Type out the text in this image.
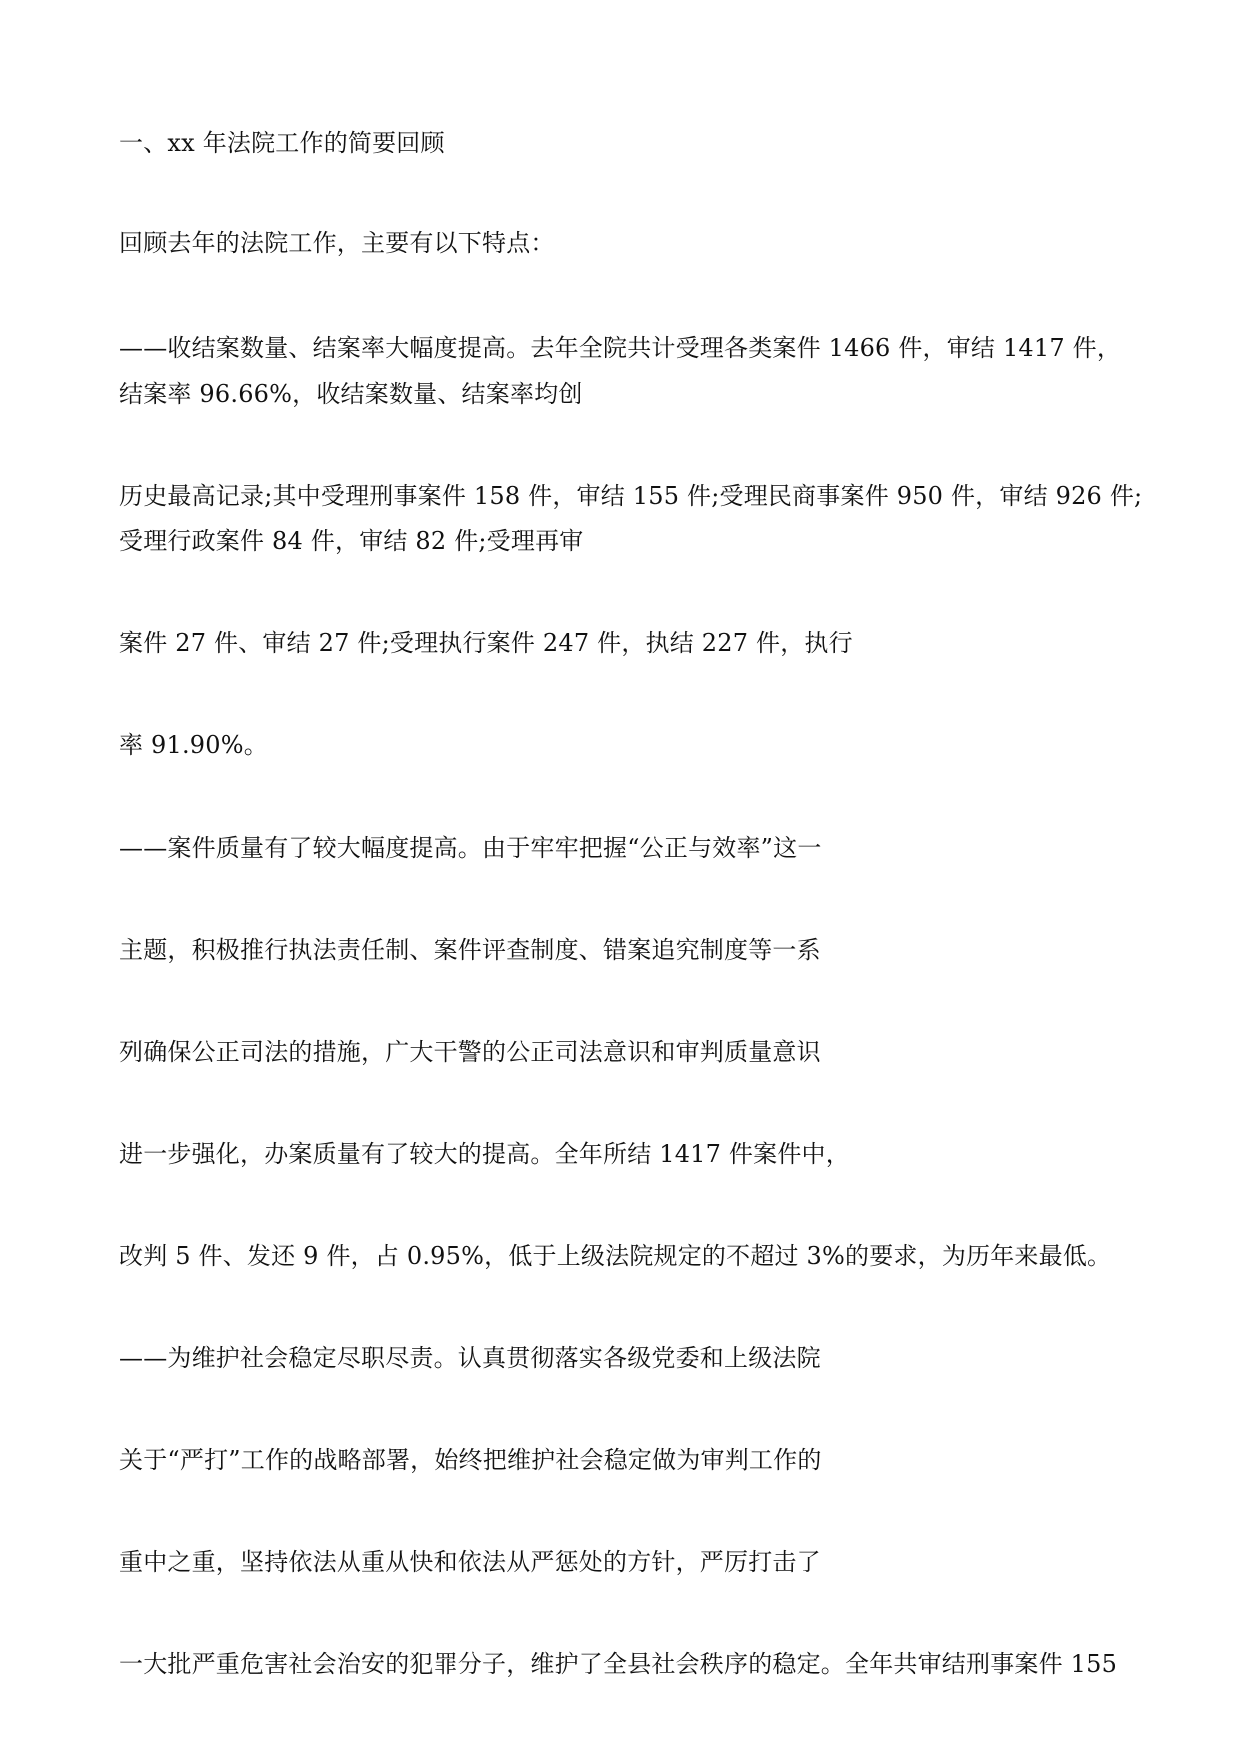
一、xx 年法院工作的简要回顾
回顾去年的法院工作，主要有以下特点：
——收结案数量、结案率大幅度提高。去年全院共计受理各类案件 1466 件，审结 1417 件，
结案率 96.66%，收结案数量、结案率均创
历史最高记录;其中受理刑事案件 158 件，审结 155 件;受理民商事案件 950 件，审结 926 件;
受理行政案件 84 件，审结 82 件;受理再审
案件 27 件、审结 27 件;受理执行案件 247 件，执结 227 件，执行
率 91.90%。
——案件质量有了较大幅度提高。由于牢牢把握“公正与效率”这一
主题，积极推行执法责任制、案件评查制度、错案追究制度等一系
列确保公正司法的措施，广大干警的公正司法意识和审判质量意识
进一步强化，办案质量有了较大的提高。全年所结 1417 件案件中，
改判 5 件、发还 9 件，占 0.95%，低于上级法院规定的不超过 3%的要求，为历年来最低。
——为维护社会稳定尽职尽责。认真贯彻落实各级党委和上级法院
关于“严打”工作的战略部署，始终把维护社会稳定做为审判工作的
重中之重，坚持依法从重从快和依法从严惩处的方针，严厉打击了
一大批严重危害社会治安的犯罪分子，维护了全县社会秩序的稳定。全年共审结刑事案件 155
